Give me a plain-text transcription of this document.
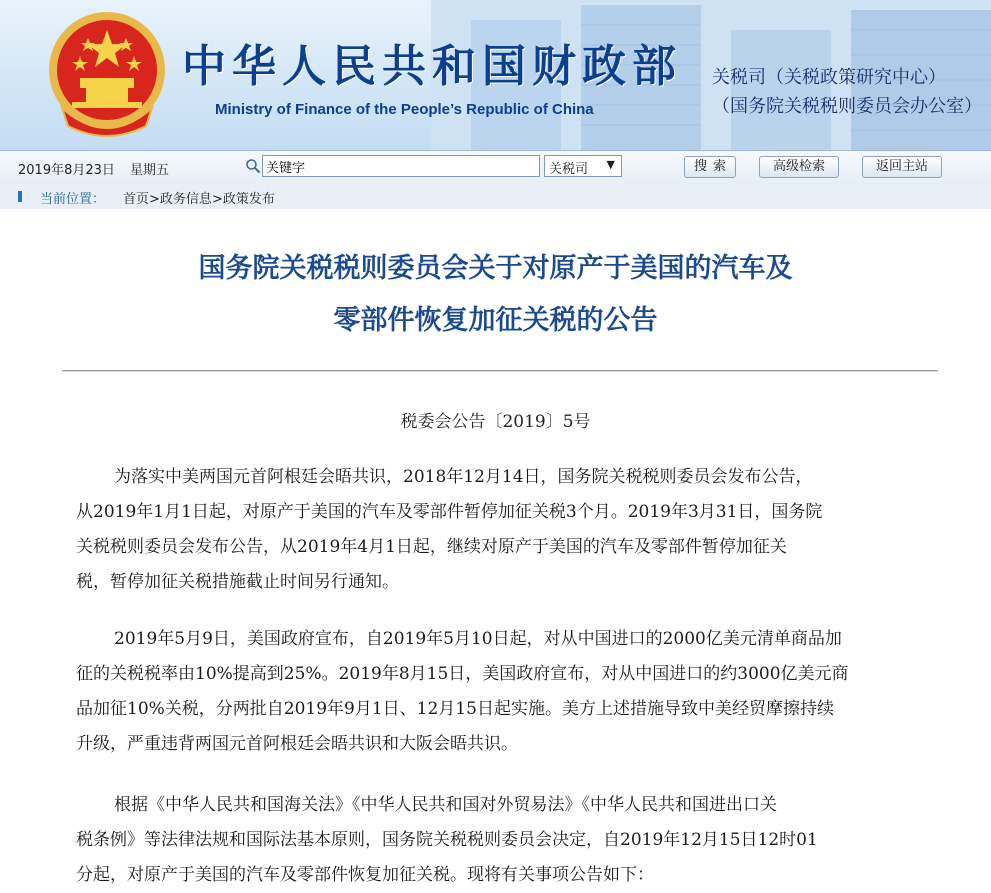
中华人民共和国财政部
Ministry of Finance of the People’s Republic of China
关税司（关税政策研究中心）
（国务院关税税则委员会办公室）
2019年8月23日 星期五
关键字	关税司 ▼	搜索	高级检索	返回主站
当前位置： 首页>政务信息>政策发布
国务院关税税则委员会关于对原产于美国的汽车及
零部件恢复加征关税的公告
税委会公告〔2019〕5号
为落实中美两国元首阿根廷会晤共识，2018年12月14日，国务院关税税则委员会发布公告，
从2019年1月1日起，对原产于美国的汽车及零部件暂停加征关税3个月。2019年3月31日，国务院
关税税则委员会发布公告，从2019年4月1日起，继续对原产于美国的汽车及零部件暂停加征关
税，暂停加征关税措施截止时间另行通知。
2019年5月9日，美国政府宣布，自2019年5月10日起，对从中国进口的2000亿美元清单商品加
征的关税税率由10%提高到25%。2019年8月15日，美国政府宣布，对从中国进口的约3000亿美元商
品加征10%关税，分两批自2019年9月1日、12月15日起实施。美方上述措施导致中美经贸摩擦持续
升级，严重违背两国元首阿根廷会晤共识和大阪会晤共识。
根据《中华人民共和国海关法》《中华人民共和国对外贸易法》《中华人民共和国进出口关
税条例》等法律法规和国际法基本原则，国务院关税税则委员会决定，自2019年12月15日12时01
分起，对原产于美国的汽车及零部件恢复加征关税。现将有关事项公告如下：
